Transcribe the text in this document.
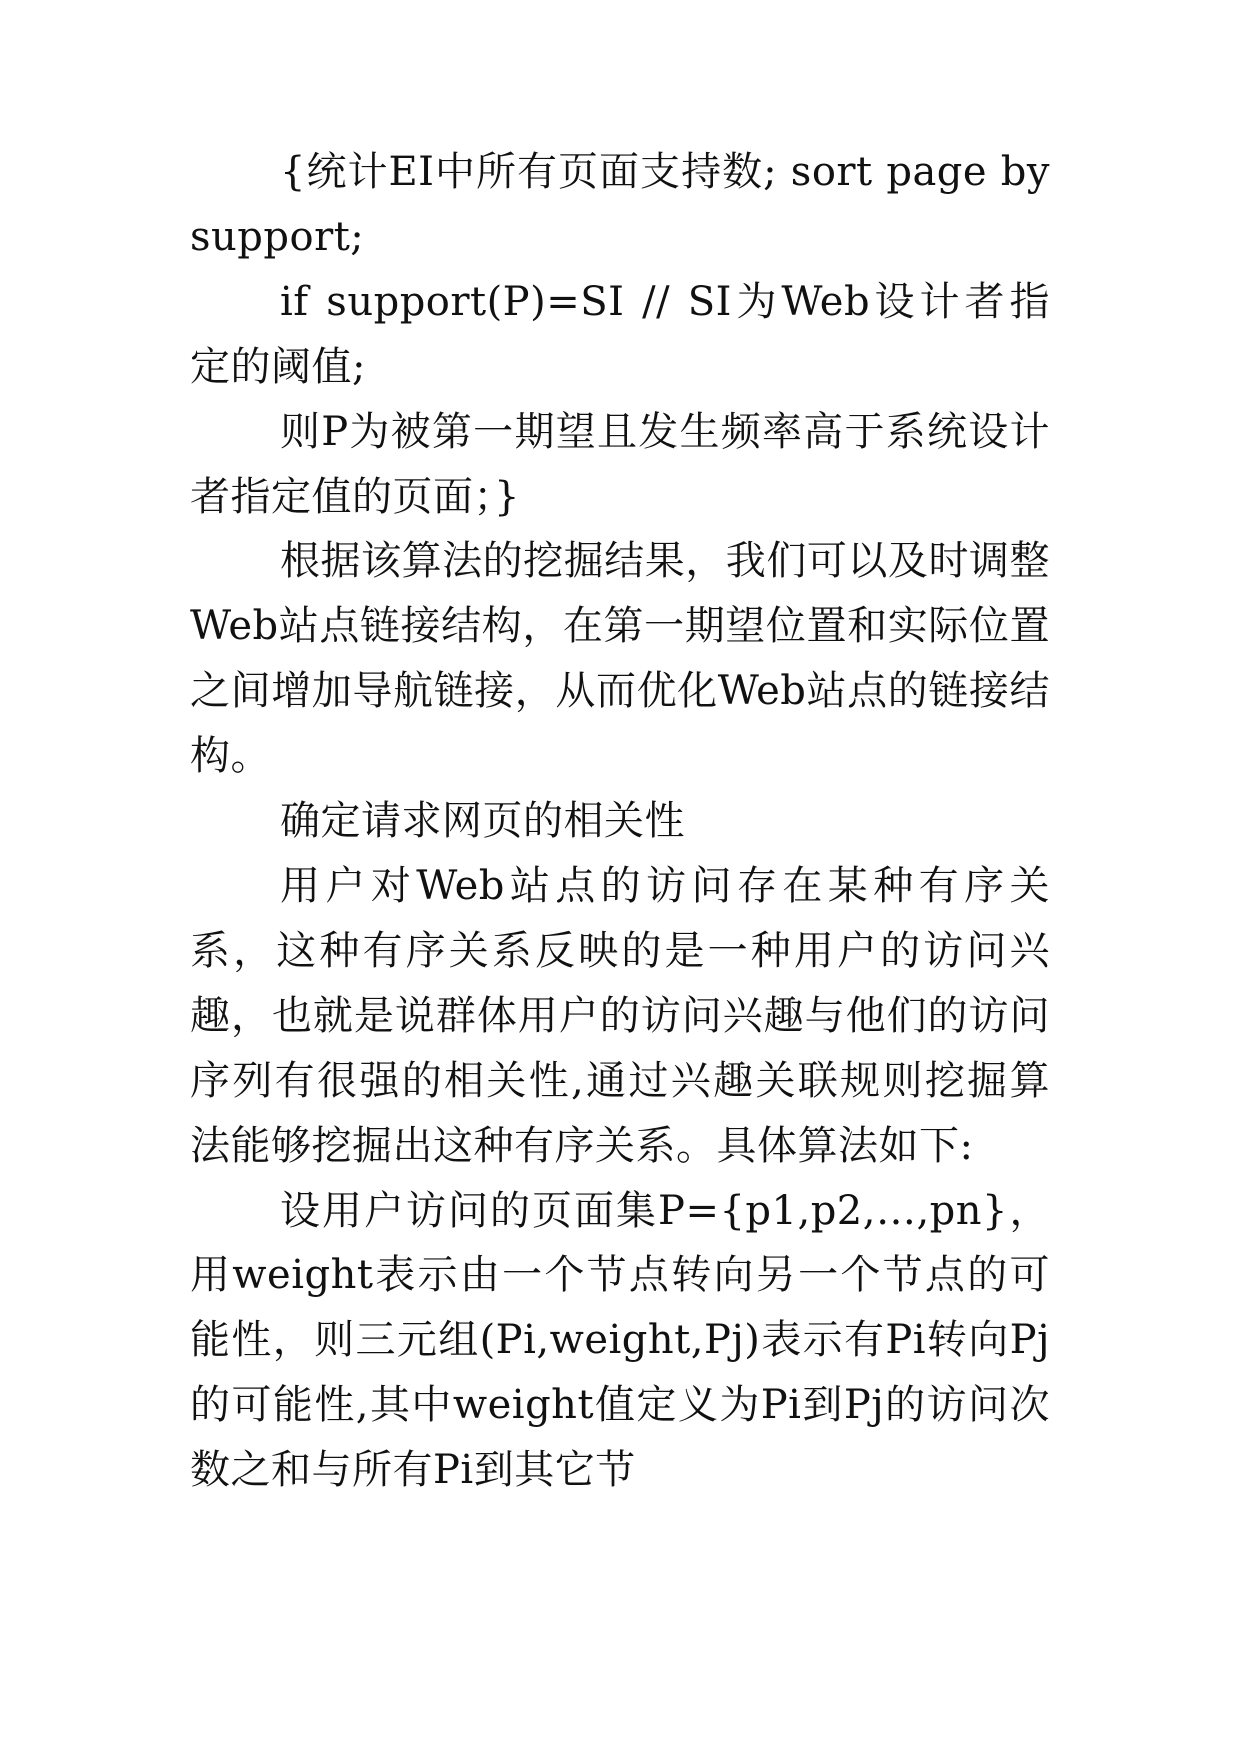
{统计EI中所有页面支持数; sort page by support;

if support(P)=SI // SI为Web设计者指定的阈值;

则P为被第一期望且发生频率高于系统设计者指定值的页面；}

根据该算法的挖掘结果，我们可以及时调整Web站点链接结构，在第一期望位置和实际位置之间增加导航链接，从而优化Web站点的链接结构。

确定请求网页的相关性

用户对Web站点的访问存在某种有序关系，这种有序关系反映的是一种用户的访问兴趣，也就是说群体用户的访问兴趣与他们的访问序列有很强的相关性,通过兴趣关联规则挖掘算法能够挖掘出这种有序关系。具体算法如下:

设用户访问的页面集P={p1,p2,…,pn}，用weight表示由一个节点转向另一个节点的可能性，则三元组(Pi,weight,Pj)表示有Pi转向Pj的可能性,其中weight值定义为Pi到Pj的访问次数之和与所有Pi到其它节
